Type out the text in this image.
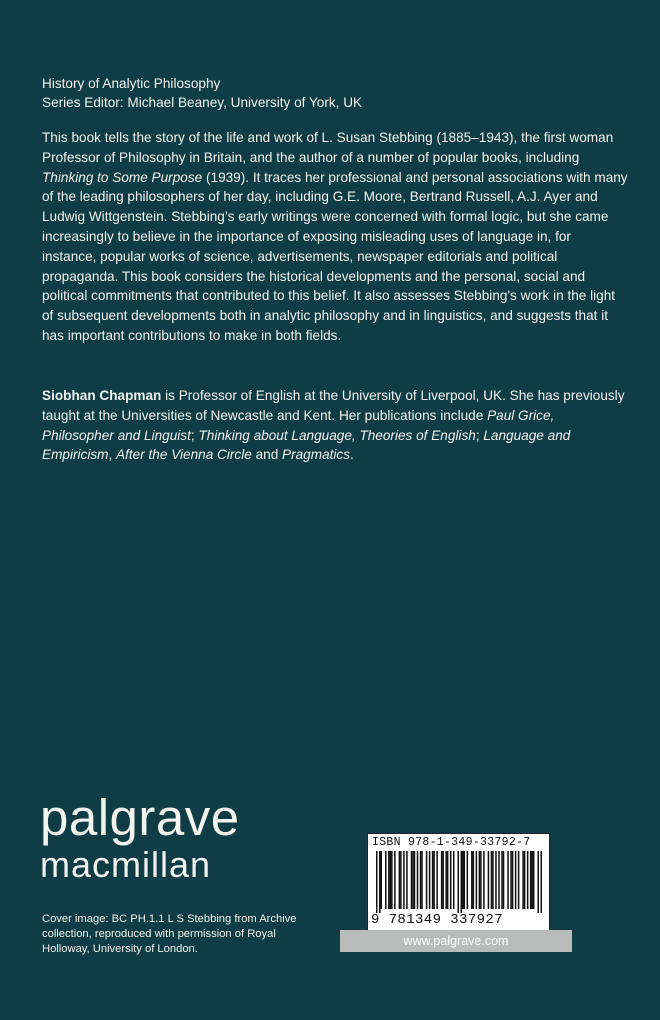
History of Analytic Philosophy
Series Editor: Michael Beaney, University of York, UK

This book tells the story of the life and work of L. Susan Stebbing (1885–1943), the first woman Professor of Philosophy in Britain, and the author of a number of popular books, including Thinking to Some Purpose (1939). It traces her professional and personal associations with many of the leading philosophers of her day, including G.E. Moore, Bertrand Russell, A.J. Ayer and Ludwig Wittgenstein. Stebbing’s early writings were concerned with formal logic, but she came increasingly to believe in the importance of exposing misleading uses of language in, for instance, popular works of science, advertisements, newspaper editorials and political propaganda. This book considers the historical developments and the personal, social and political commitments that contributed to this belief. It also assesses Stebbing's work in the light of subsequent developments both in analytic philosophy and in linguistics, and suggests that it has important contributions to make in both fields.

Siobhan Chapman is Professor of English at the University of Liverpool, UK. She has previously taught at the Universities of Newcastle and Kent. Her publications include Paul Grice, Philosopher and Linguist; Thinking about Language, Theories of English; Language and Empiricism, After the Vienna Circle and Pragmatics.

palgrave
macmillan
Cover image: BC PH.1.1 L S Stebbing from Archive collection, reproduced with permission of Royal Holloway, University of London.
ISBN 978-1-349-33792-7
9 781349 337927
www.palgrave.com
